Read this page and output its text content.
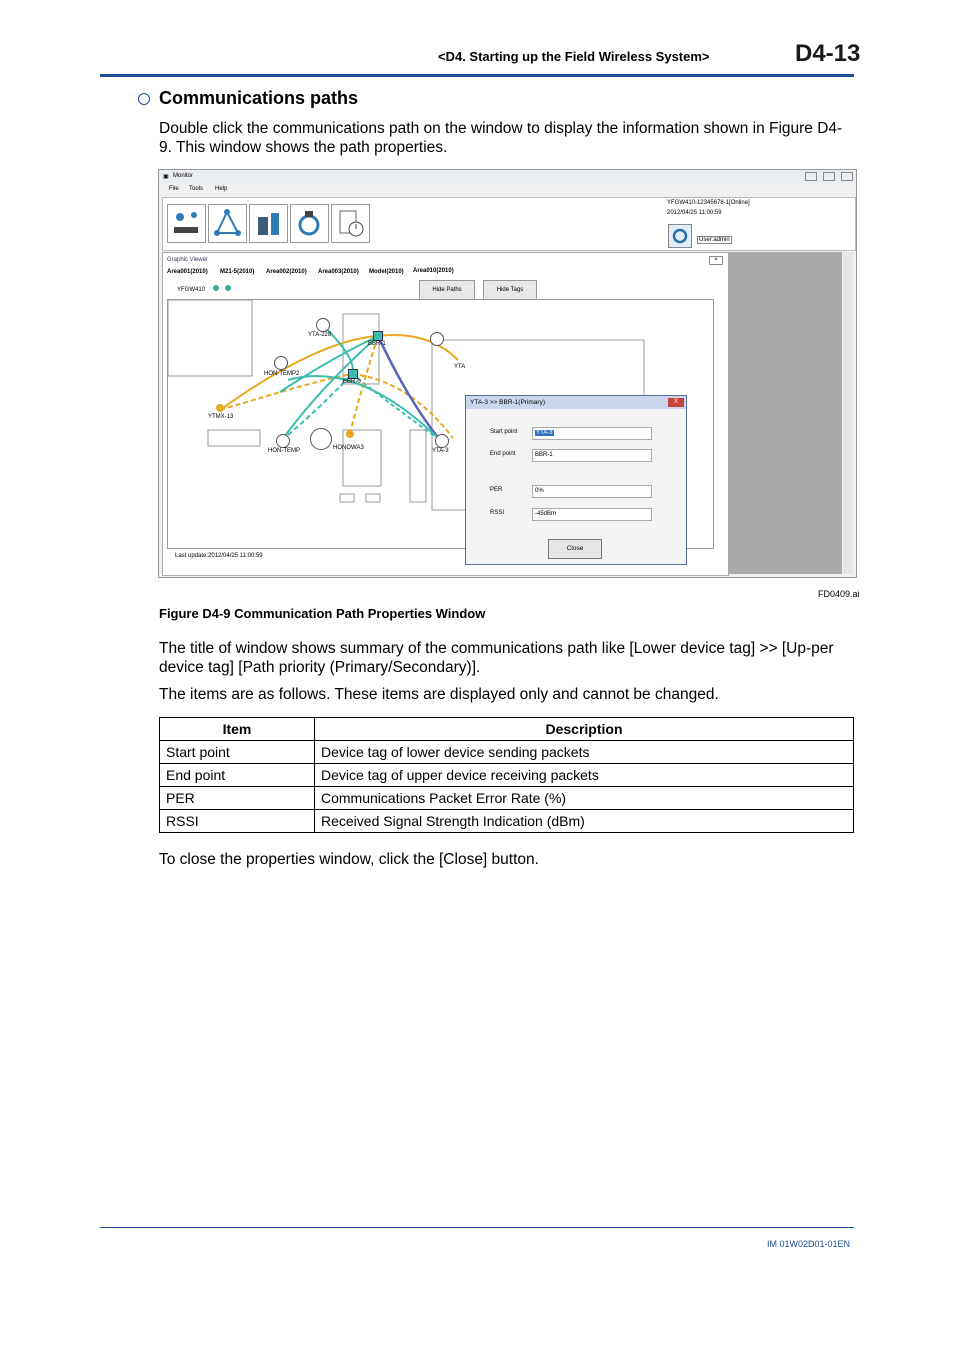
<D4. Starting up the Field Wireless System>	D4-13
Communications paths
Double click the communications path on the window to display the information shown in Figure D4-9. This window shows the path properties.
▣ Monitor
File Tools Help
YFGW410-12345678-1[Online]
2012/04/25 11:00:59
User:admin
Graphic Viewer	×
Area001(2010) M21-5(2010) Area002(2010) Area003(2010) Model(2010) Area010(2010)
YFGW410	Hide Paths	Hide Tags
YTA-228
BBR-1
HON-TEMP2
BBR-0
YTMX-13
HON-TEMP	HONOWA3	YTA-3
YTA
Last update:2012/04/25 11:00:59
YTA-3 >> BBR-1(Primary)	X
Start point	YTA-3
End point	BBR-1
PER	0%
RSSI	-45dBm
Close
FD0409.ai
Figure D4-9 Communication Path Properties Window
The title of window shows summary of the communications path like [Lower device tag] >> [Up-per device tag] [Path priority (Primary/Secondary)].
The items are as follows. These items are displayed only and cannot be changed.
Item	Description
Start point	Device tag of lower device sending packets
End point	Device tag of upper device receiving packets
PER	Communications Packet Error Rate (%)
RSSI	Received Signal Strength Indication (dBm)
To close the properties window, click the [Close] button.
IM 01W02D01-01EN
